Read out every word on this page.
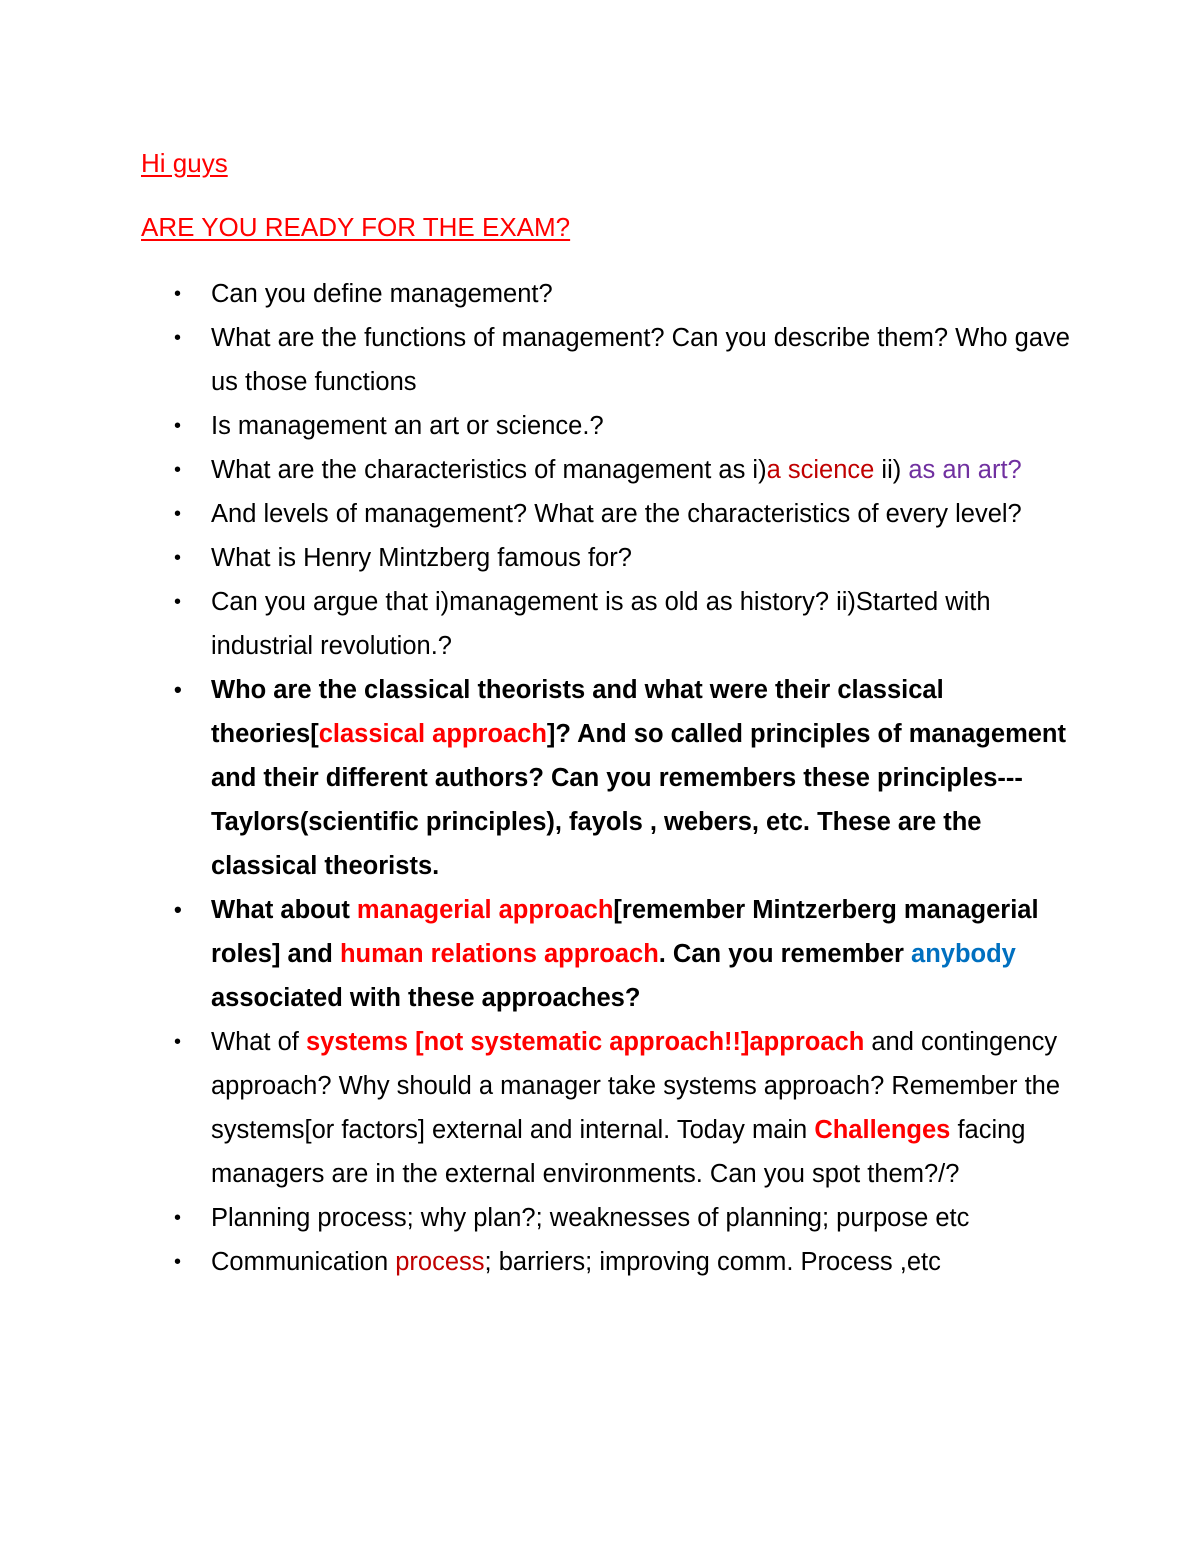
Hi guys
ARE YOU READY FOR THE EXAM?
• Can you define management?
• What are the functions of management? Can you describe them? Who gave us those functions
• Is management an art or science.?
• What are the characteristics of management as i)a science ii) as an art?
• And levels of management? What are the characteristics of every level?
• What is Henry Mintzberg famous for?
• Can you argue that i)management is as old as history? ii)Started with industrial revolution.?
• Who are the classical theorists and what were their classical theories[classical approach]? And so called principles of management and their different authors? Can you remembers these principles---Taylors(scientific principles), fayols , webers, etc. These are the classical theorists.
• What about managerial approach[remember Mintzerberg managerial roles] and human relations approach. Can you remember anybody associated with these approaches?
• What of systems [not systematic approach!!]approach and contingency approach? Why should a manager take systems approach? Remember the systems[or factors] external and internal. Today main Challenges facing managers are in the external environments. Can you spot them?/?
• Planning process; why plan?; weaknesses of planning; purpose etc
• Communication process; barriers; improving comm. Process ,etc
